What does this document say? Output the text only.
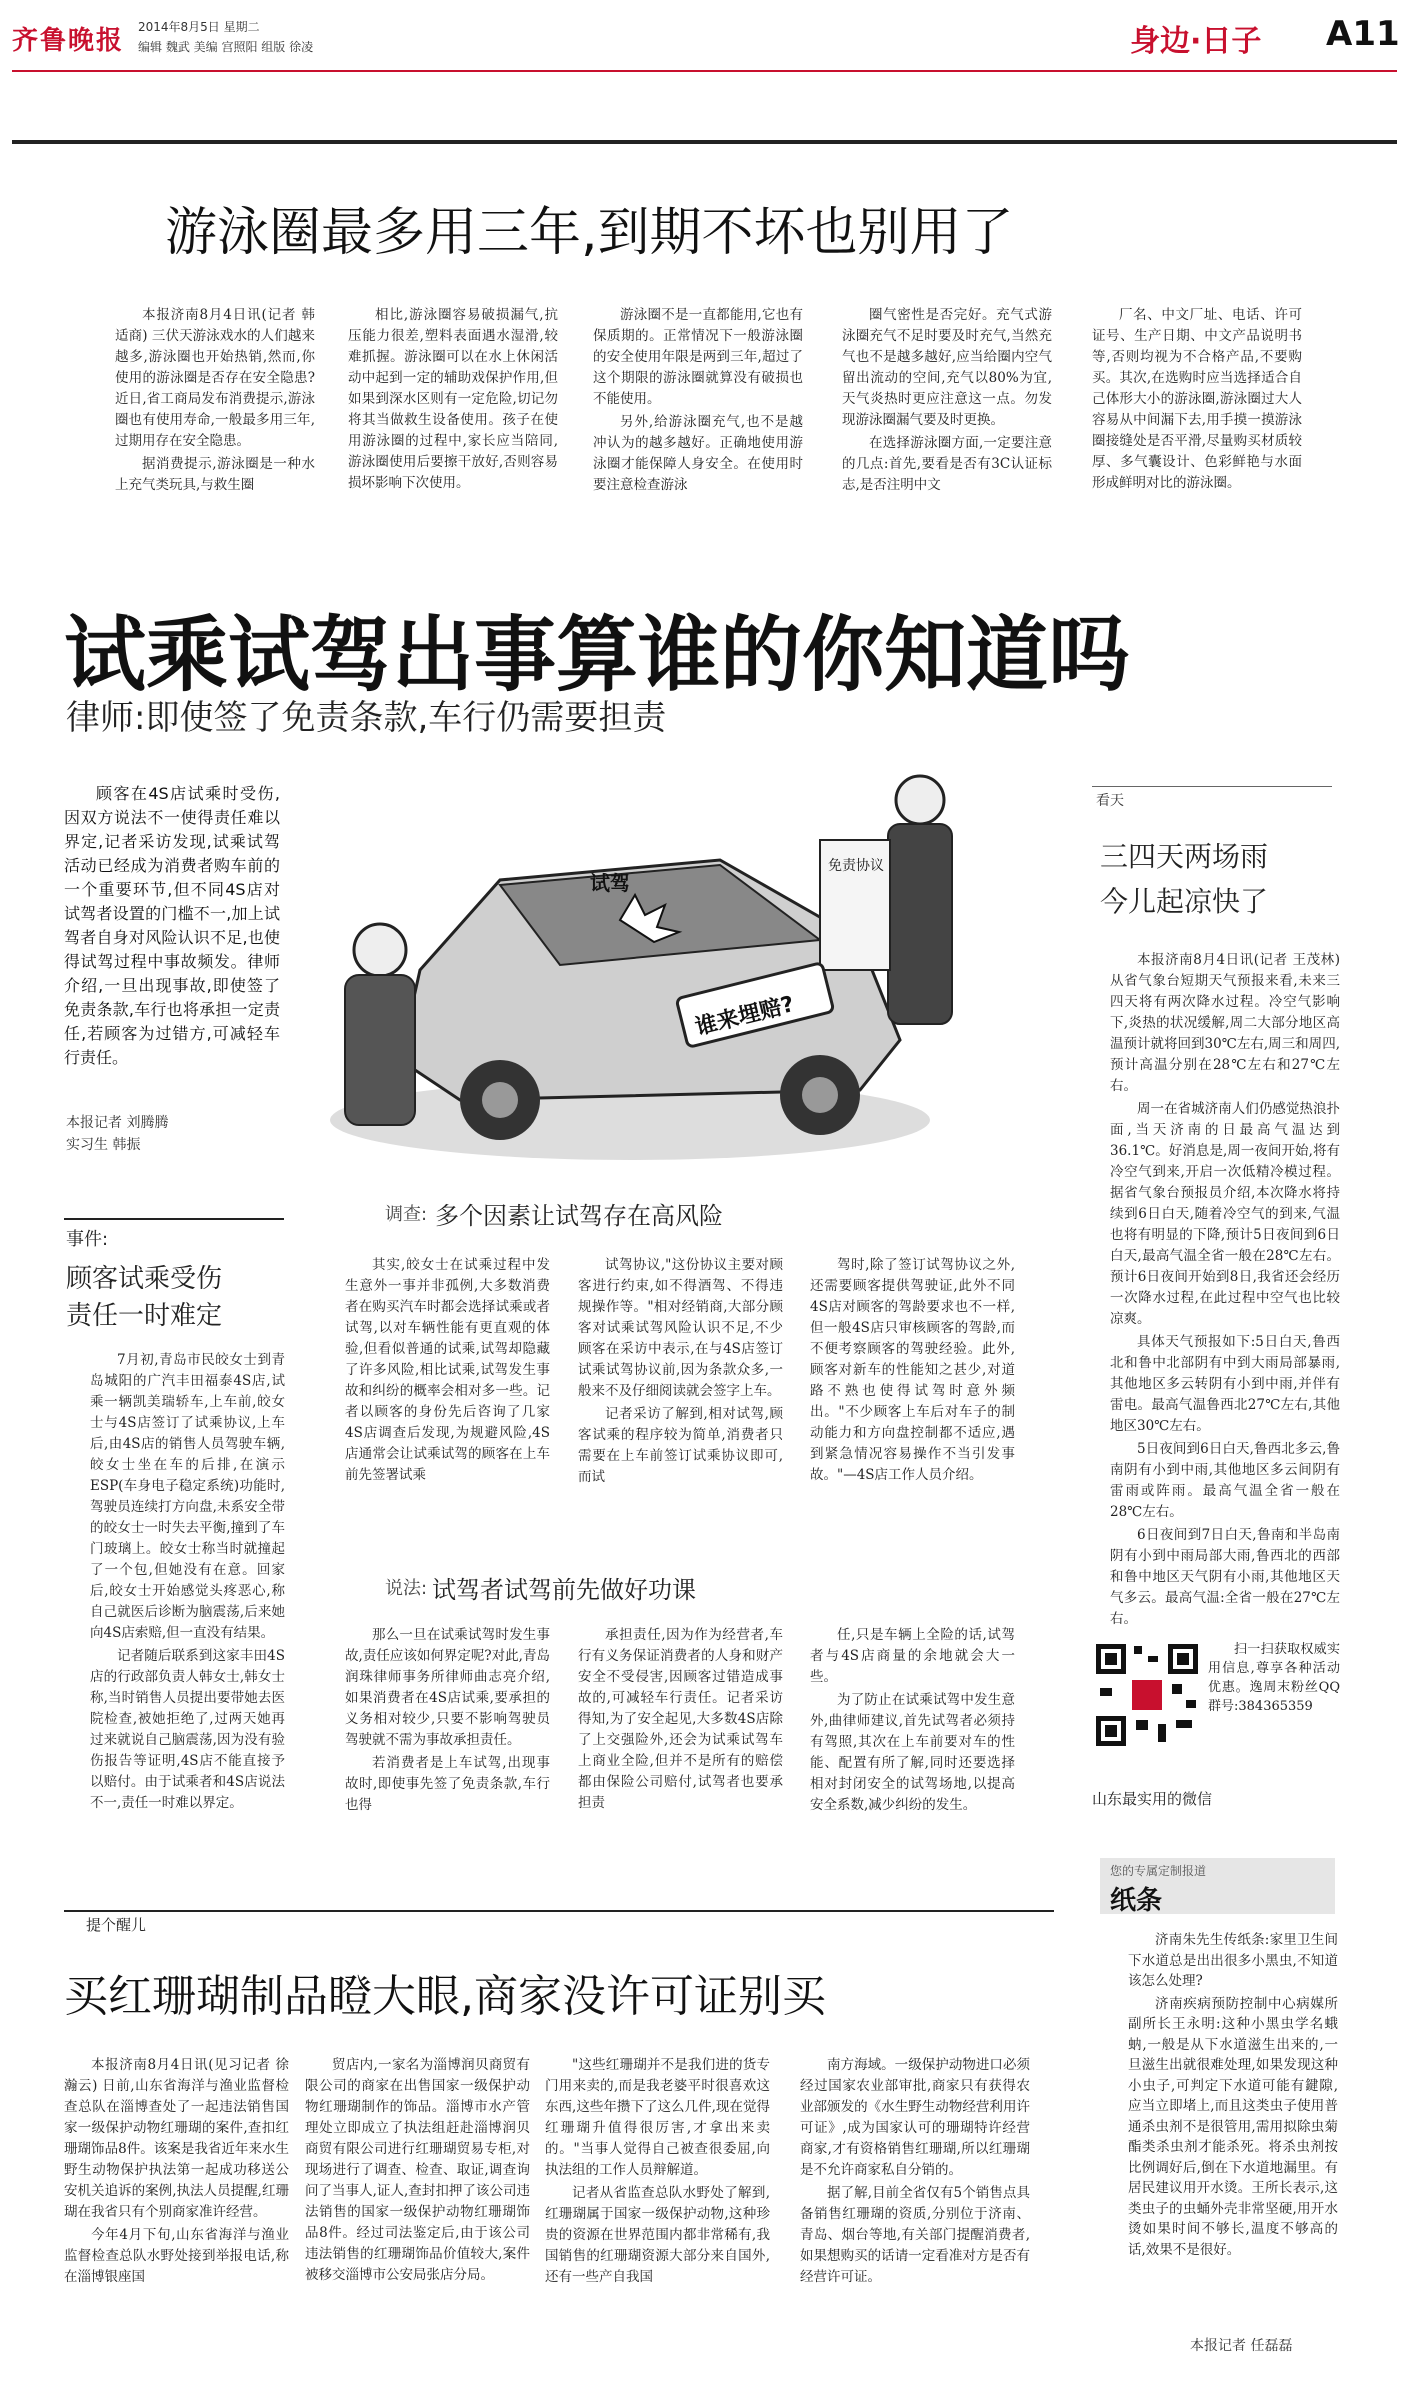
齐鲁晚报 2014年8月5日 星期二
编辑 魏武 美编 宫照阳 组版 徐凌	身边·日子 A11
游泳圈最多用三年,到期不坏也别用了

本报济南8月4日讯(记者 韩适商) 三伏天游泳戏水的人们越来越多,游泳圈也开始热销,然而,你使用的游泳圈是否存在安全隐患?近日,省工商局发布消费提示,游泳圈也有使用寿命,一般最多用三年,过期用存在安全隐患。

据消费提示,游泳圈是一种水上充气类玩具,与救生圈

相比,游泳圈容易破损漏气,抗压能力很差,塑料表面遇水湿滑,较难抓握。游泳圈可以在水上休闲活动中起到一定的辅助戏保护作用,但如果到深水区则有一定危险,切记勿将其当做救生设备使用。孩子在使用游泳圈的过程中,家长应当陪同,游泳圈使用后要擦干放好,否则容易损坏影响下次使用。

游泳圈不是一直都能用,它也有保质期的。正常情况下一般游泳圈的安全使用年限是两到三年,超过了这个期限的游泳圈就算没有破损也不能使用。

另外,给游泳圈充气,也不是越冲认为的越多越好。正确地使用游泳圈才能保障人身安全。在使用时要注意检查游泳

圈气密性是否完好。充气式游泳圈充气不足时要及时充气,当然充气也不是越多越好,应当给圈内空气留出流动的空间,充气以80%为宜,天气炎热时更应注意这一点。勿发现游泳圈漏气要及时更换。

在选择游泳圈方面,一定要注意的几点:首先,要看是否有3C认证标志,是否注明中文

厂名、中文厂址、电话、许可证号、生产日期、中文产品说明书等,否则均视为不合格产品,不要购买。其次,在选购时应当选择适合自己体形大小的游泳圈,游泳圈过大人容易从中间漏下去,用手摸一摸游泳圈接缝处是否平滑,尽量购买材质较厚、多气囊设计、色彩鲜艳与水面形成鲜明对比的游泳圈。

试乘试驾出事算谁的你知道吗
律师:即使签了免责条款,车行仍需要担责

顾客在4S店试乘时受伤,因双方说法不一使得责任难以界定,记者采访发现,试乘试驾活动已经成为消费者购车前的一个重要环节,但不同4S店对试驾者设置的门槛不一,加上试驾者自身对风险认识不足,也使得试驾过程中事故频发。律师介绍,一旦出现事故,即使签了免责条款,车行也将承担一定责任,若顾客为过错方,可减轻车行责任。

本报记者 刘腾腾
实习生 韩振
试驾
免责协议
谁来埋赔?
事件:
顾客试乘受伤
责任一时难定

7月初,青岛市民皎女士到青岛城阳的广汽丰田福泰4S店,试乘一辆凯美瑞轿车,上车前,皎女士与4S店签订了试乘协议,上车后,由4S店的销售人员驾驶车辆,皎女士坐在车的后排,在演示ESP(车身电子稳定系统)功能时,驾驶员连续打方向盘,未系安全带的皎女士一时失去平衡,撞到了车门玻璃上。皎女士称当时就撞起了一个包,但她没有在意。回家后,皎女士开始感觉头疼恶心,称自己就医后诊断为脑震荡,后来她向4S店索赔,但一直没有结果。

记者随后联系到这家丰田4S店的行政部负责人韩女士,韩女士称,当时销售人员提出要带她去医院检查,被她拒绝了,过两天她再过来就说自己脑震荡,因为没有验伤报告等证明,4S店不能直接予以赔付。由于试乘者和4S店说法不一,责任一时难以界定。

调查: 多个因素让试驾存在高风险

其实,皎女士在试乘过程中发生意外一事并非孤例,大多数消费者在购买汽车时都会选择试乘或者试驾,以对车辆性能有更直观的体验,但看似普通的试乘,试驾却隐藏了许多风险,相比试乘,试驾发生事故和纠纷的概率会相对多一些。记者以顾客的身份先后咨询了几家4S店调查后发现,为规避风险,4S店通常会让试乘试驾的顾客在上车前先签署试乘

试驾协议,"这份协议主要对顾客进行约束,如不得酒驾、不得违规操作等。"相对经销商,大部分顾客对试乘试驾风险认识不足,不少顾客在采访中表示,在与4S店签订试乘试驾协议前,因为条款众多,一般来不及仔细阅读就会签字上车。

记者采访了解到,相对试驾,顾客试乘的程序较为简单,消费者只需要在上车前签订试乘协议即可,而试

驾时,除了签订试驾协议之外,还需要顾客提供驾驶证,此外不同4S店对顾客的驾龄要求也不一样,但一般4S店只审核顾客的驾龄,而不便考察顾客的驾驶经验。此外,顾客对新车的性能知之甚少,对道路不熟也使得试驾时意外频出。"不少顾客上车后对车子的制动能力和方向盘控制都不适应,遇到紧急情况容易操作不当引发事故。"—4S店工作人员介绍。

说法: 试驾者试驾前先做好功课

那么一旦在试乘试驾时发生事故,责任应该如何界定呢?对此,青岛润珠律师事务所律师曲志亮介绍,如果消费者在4S店试乘,要承担的义务相对较少,只要不影响驾驶员驾驶就不需为事故承担责任。

若消费者是上车试驾,出现事故时,即使事先签了免责条款,车行也得

承担责任,因为作为经营者,车行有义务保证消费者的人身和财产安全不受侵害,因顾客过错造成事故的,可减轻车行责任。记者采访得知,为了安全起见,大多数4S店除了上交强险外,还会为试乘试驾车上商业全险,但并不是所有的赔偿都由保险公司赔付,试驾者也要承担责

任,只是车辆上全险的话,试驾者与4S店商量的余地就会大一些。

为了防止在试乘试驾中发生意外,曲律师建议,首先试驾者必须持有驾照,其次在上车前要对车的性能、配置有所了解,同时还要选择相对封闭安全的试驾场地,以提高安全系数,减少纠纷的发生。

看天
三四天两场雨
今儿起凉快了

本报济南8月4日讯(记者 王茂林) 从省气象台短期天气预报来看,未来三四天将有两次降水过程。冷空气影响下,炎热的状况缓解,周二大部分地区高温预计就将回到30℃左右,周三和周四,预计高温分别在28℃左右和27℃左右。

周一在省城济南人们仍感觉热浪扑面,当天济南的日最高气温达到36.1℃。好消息是,周一夜间开始,将有冷空气到来,开启一次低精冷模过程。据省气象台预报员介绍,本次降水将持续到6日白天,随着冷空气的到来,气温也将有明显的下降,预计5日夜间到6日白天,最高气温全省一般在28℃左右。预计6日夜间开始到8日,我省还会经历一次降水过程,在此过程中空气也比较凉爽。

具体天气预报如下:5日白天,鲁西北和鲁中北部阴有中到大雨局部暴雨,其他地区多云转阴有小到中雨,并伴有雷电。最高气温鲁西北27℃左右,其他地区30℃左右。

5日夜间到6日白天,鲁西北多云,鲁南阴有小到中雨,其他地区多云间阴有雷雨或阵雨。最高气温全省一般在28℃左右。

6日夜间到7日白天,鲁南和半岛南阴有小到中雨局部大雨,鲁西北的西部和鲁中地区天气阴有小雨,其他地区天气多云。最高气温:全省一般在27℃左右。

扫一扫获取权威实用信息,尊享各种活动优惠。逸周末粉丝QQ群号:384365359

山东最实用的微信
您的专属定制报道
纸条

济南朱先生传纸条:家里卫生间下水道总是出出很多小黑虫,不知道该怎么处理?

济南疾病预防控制中心病媒所副所长王永明:这种小黑虫学名蛾蚋,一般是从下水道滋生出来的,一旦滋生出就很难处理,如果发现这种小虫子,可判定下水道可能有鍵隙,应当立即堵上,而且这类虫子使用普通杀虫剂不是很管用,需用拟除虫菊酯类杀虫剂才能杀死。将杀虫剂按比例调好后,倒在下水道地漏里。有居民建议用开水烫。王所长表示,这类虫子的虫蛹外壳非常坚硬,用开水烫如果时间不够长,温度不够高的话,效果不是很好。

本报记者 任磊磊
提个醒儿
买红珊瑚制品瞪大眼,商家没许可证别买

本报济南8月4日讯(见习记者 徐瀚云) 日前,山东省海洋与渔业监督检查总队在淄博查处了一起违法销售国家一级保护动物红珊瑚的案件,查扣红珊瑚饰品8件。该案是我省近年来水生野生动物保护执法第一起成功移送公安机关追诉的案例,执法人员提醒,红珊瑚在我省只有个别商家准许经营。

今年4月下旬,山东省海洋与渔业监督检查总队水野处接到举报电话,称在淄博银座国

贸店内,一家名为淄博润贝商贸有限公司的商家在出售国家一级保护动物红珊瑚制作的饰品。淄博市水产管理处立即成立了执法组赶赴淄博润贝商贸有限公司进行红珊瑚贸易专柜,对现场进行了调查、检查、取证,调查询问了当事人,证人,查封扣押了该公司违法销售的国家一级保护动物红珊瑚饰品8件。经过司法鉴定后,由于该公司违法销售的红珊瑚饰品价值较大,案件被移交淄博市公安局张店分局。

"这些红珊瑚并不是我们进的货专门用来卖的,而是我老婆平时很喜欢这东西,这些年攒下了这么几件,现在觉得红珊瑚升值得很厉害,才拿出来卖的。"当事人觉得自己被查很委屈,向执法组的工作人员辩解道。

记者从省监查总队水野处了解到,红珊瑚属于国家一级保护动物,这种珍贵的资源在世界范围内都非常稀有,我国销售的红珊瑚资源大部分来自国外,还有一些产自我国

南方海域。一级保护动物进口必须经过国家农业部审批,商家只有获得农业部颁发的《水生野生动物经营利用许可证》,成为国家认可的珊瑚特许经营商家,才有资格销售红珊瑚,所以红珊瑚是不允许商家私自分销的。

据了解,目前全省仅有5个销售点具备销售红珊瑚的资质,分别位于济南、青岛、烟台等地,有关部门提醒消费者,如果想购买的话请一定看准对方是否有经营许可证。
